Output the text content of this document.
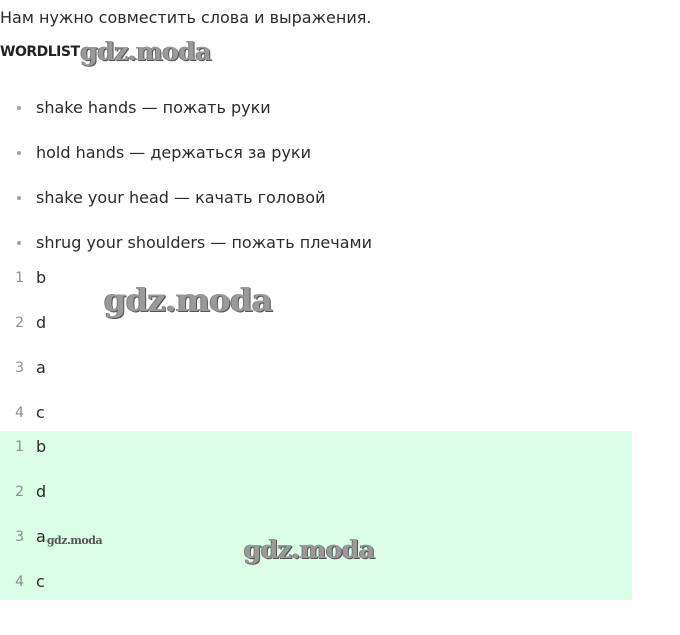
Нам нужно совместить слова и выражения.
WORDLIST gdz.moda
shake hands — пожать руки
hold hands — держаться за руки
shake your head — качать головой
shrug your shoulders — пожать плечами
1 b
2 d
3 a
4 c
gdz.moda
1 b
2 d
3 agdz.moda
4 c
gdz.moda
